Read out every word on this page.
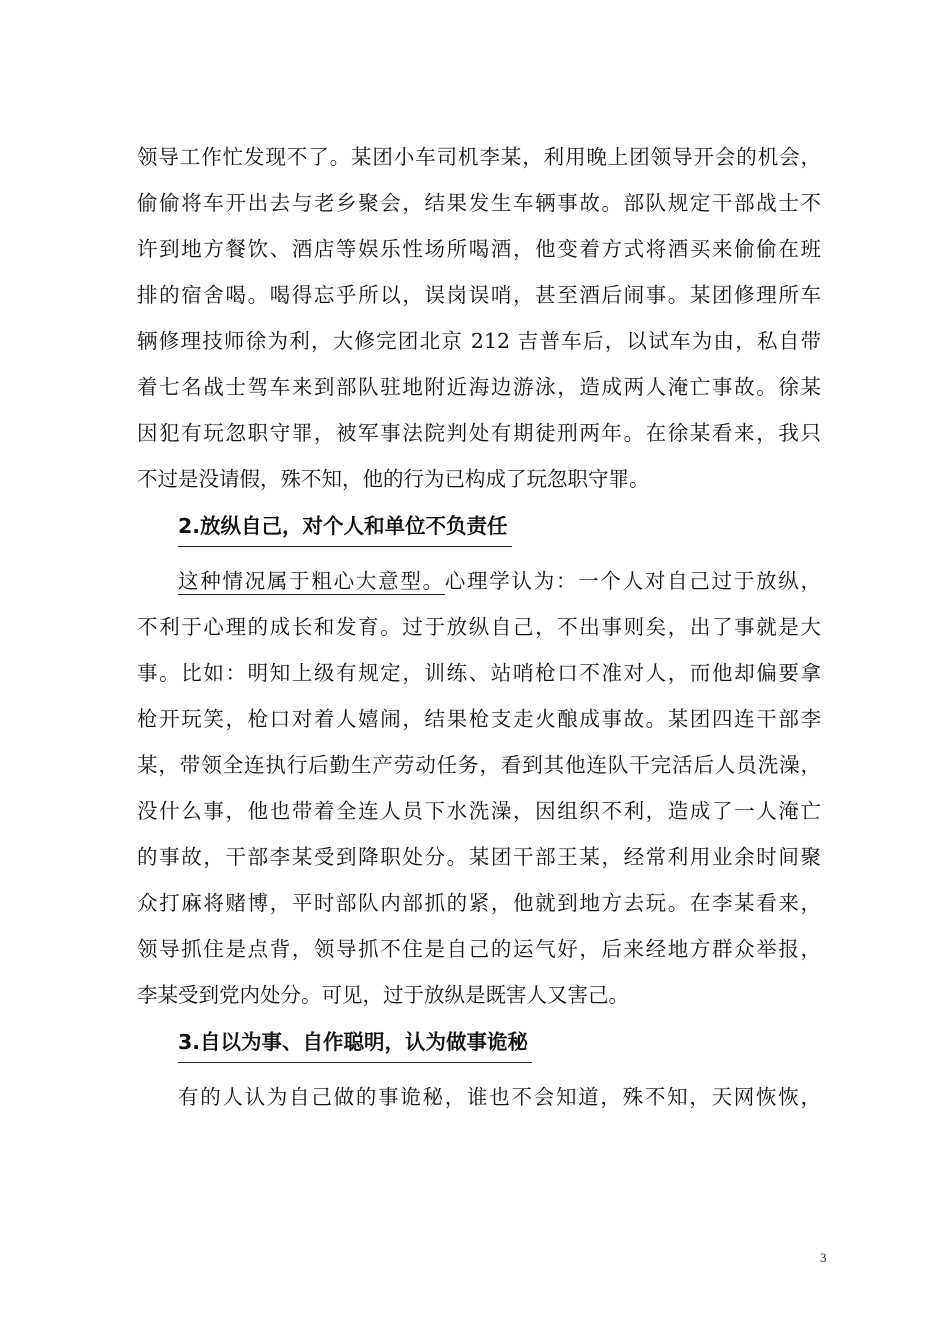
领导工作忙发现不了。某团小车司机李某，利用晚上团领导开会的机会，
偷偷将车开出去与老乡聚会，结果发生车辆事故。部队规定干部战士不
许到地方餐饮、酒店等娱乐性场所喝酒，他变着方式将酒买来偷偷在班
排的宿舍喝。喝得忘乎所以，误岗误哨，甚至酒后闹事。某团修理所车
辆修理技师徐为利，大修完团北京 212 吉普车后，以试车为由，私自带
着七名战士驾车来到部队驻地附近海边游泳，造成两人淹亡事故。徐某
因犯有玩忽职守罪，被军事法院判处有期徒刑两年。在徐某看来，我只
不过是没请假，殊不知，他的行为已构成了玩忽职守罪。
2.放纵自己，对个人和单位不负责任
这种情况属于粗心大意型。心理学认为：一个人对自己过于放纵，
不利于心理的成长和发育。过于放纵自己，不出事则矣，出了事就是大
事。比如：明知上级有规定，训练、站哨枪口不准对人，而他却偏要拿
枪开玩笑，枪口对着人嬉闹，结果枪支走火酿成事故。某团四连干部李
某，带领全连执行后勤生产劳动任务，看到其他连队干完活后人员洗澡，
没什么事，他也带着全连人员下水洗澡，因组织不利，造成了一人淹亡
的事故，干部李某受到降职处分。某团干部王某，经常利用业余时间聚
众打麻将赌博，平时部队内部抓的紧，他就到地方去玩。在李某看来，
领导抓住是点背，领导抓不住是自己的运气好，后来经地方群众举报，
李某受到党内处分。可见，过于放纵是既害人又害己。
3.自以为事、自作聪明，认为做事诡秘
有的人认为自己做的事诡秘，谁也不会知道，殊不知，天网恢恢，
3
